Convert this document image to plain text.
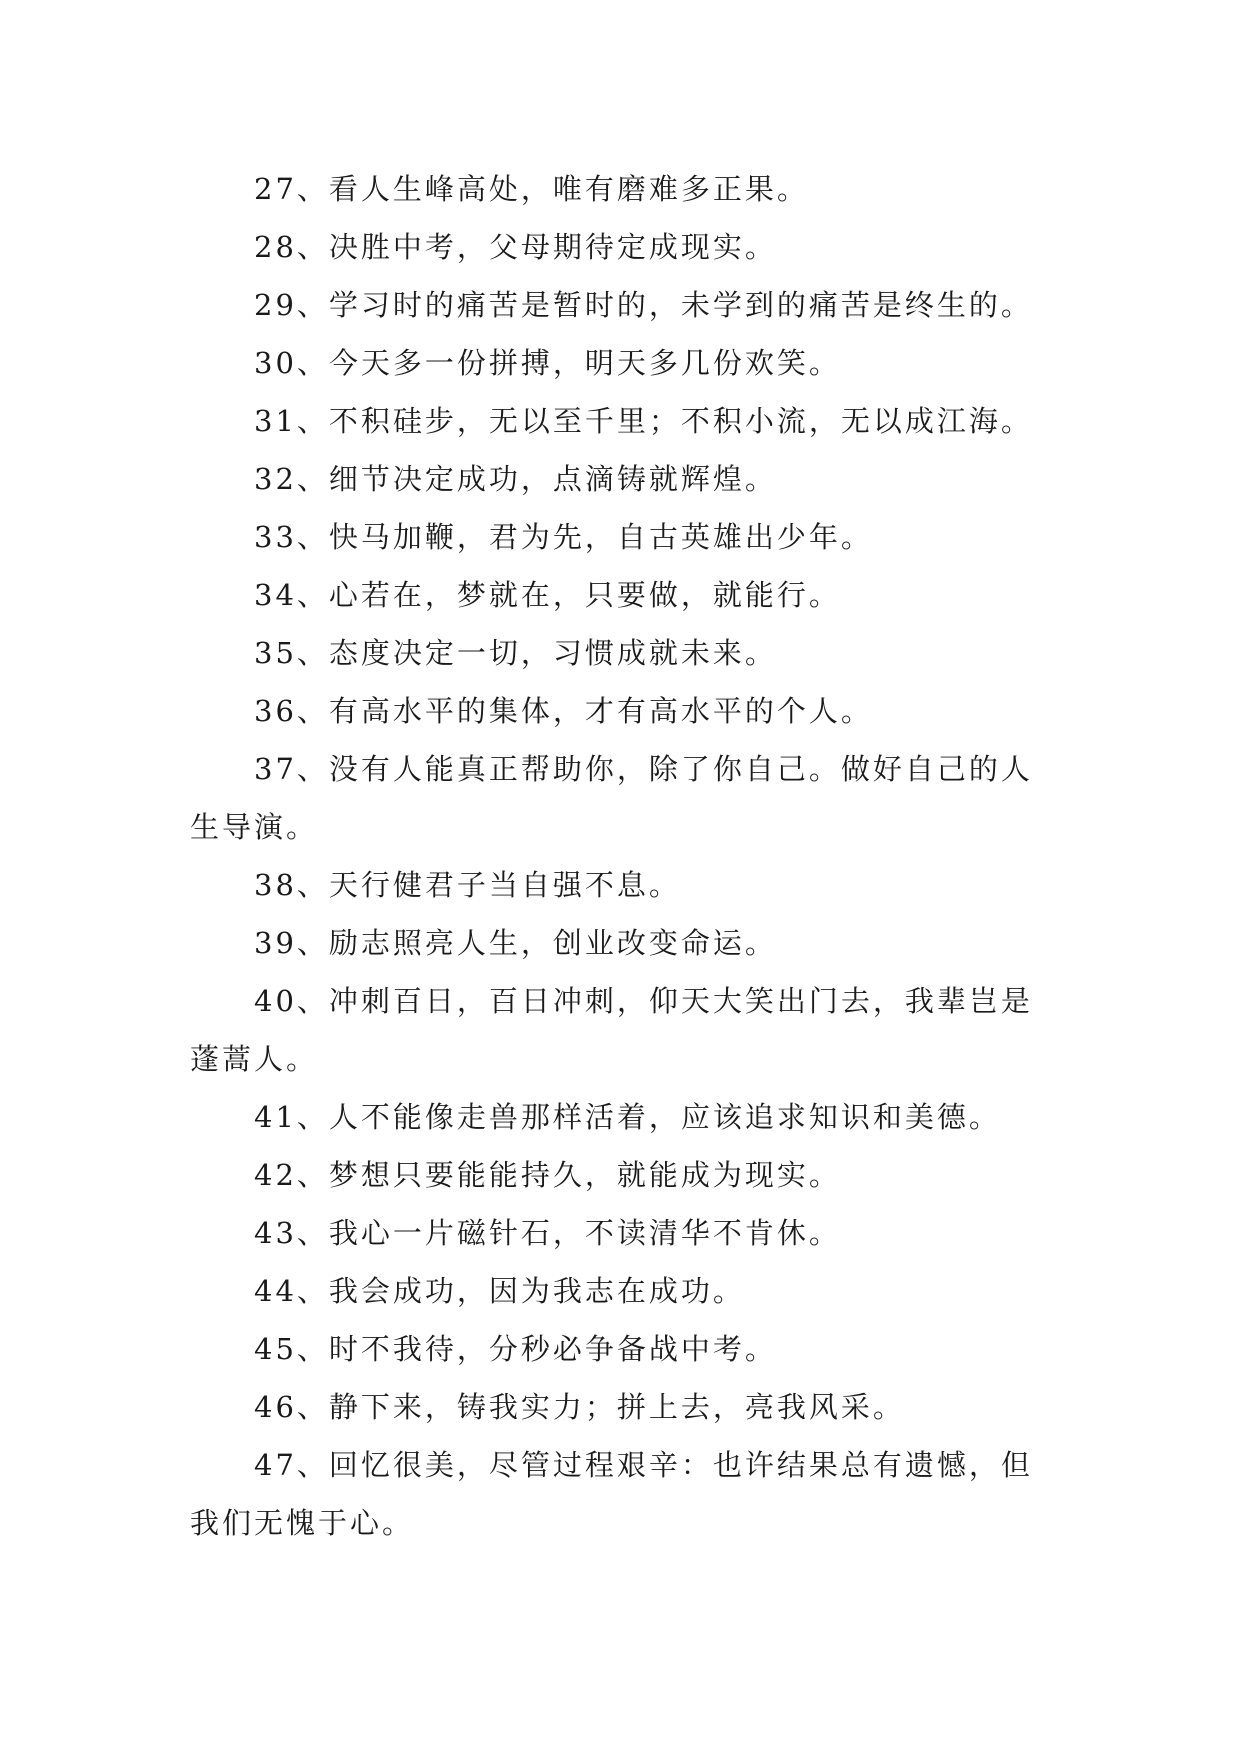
27、看人生峰高处，唯有磨难多正果。

28、决胜中考，父母期待定成现实。

29、学习时的痛苦是暂时的，未学到的痛苦是终生的。

30、今天多一份拼搏，明天多几份欢笑。

31、不积硅步，无以至千里；不积小流，无以成江海。

32、细节决定成功，点滴铸就辉煌。

33、快马加鞭，君为先，自古英雄出少年。

34、心若在，梦就在，只要做，就能行。

35、态度决定一切，习惯成就未来。

36、有高水平的集体，才有高水平的个人。

37、没有人能真正帮助你，除了你自己。做好自己的人生导演。

38、天行健君子当自强不息。

39、励志照亮人生，创业改变命运。

40、冲刺百日，百日冲刺，仰天大笑出门去，我辈岂是蓬蒿人。

41、人不能像走兽那样活着，应该追求知识和美德。

42、梦想只要能能持久，就能成为现实。

43、我心一片磁针石，不读清华不肯休。

44、我会成功，因为我志在成功。

45、时不我待，分秒必争备战中考。

46、静下来，铸我实力；拼上去，亮我风采。

47、回忆很美，尽管过程艰辛：也许结果总有遗憾，但我们无愧于心。
